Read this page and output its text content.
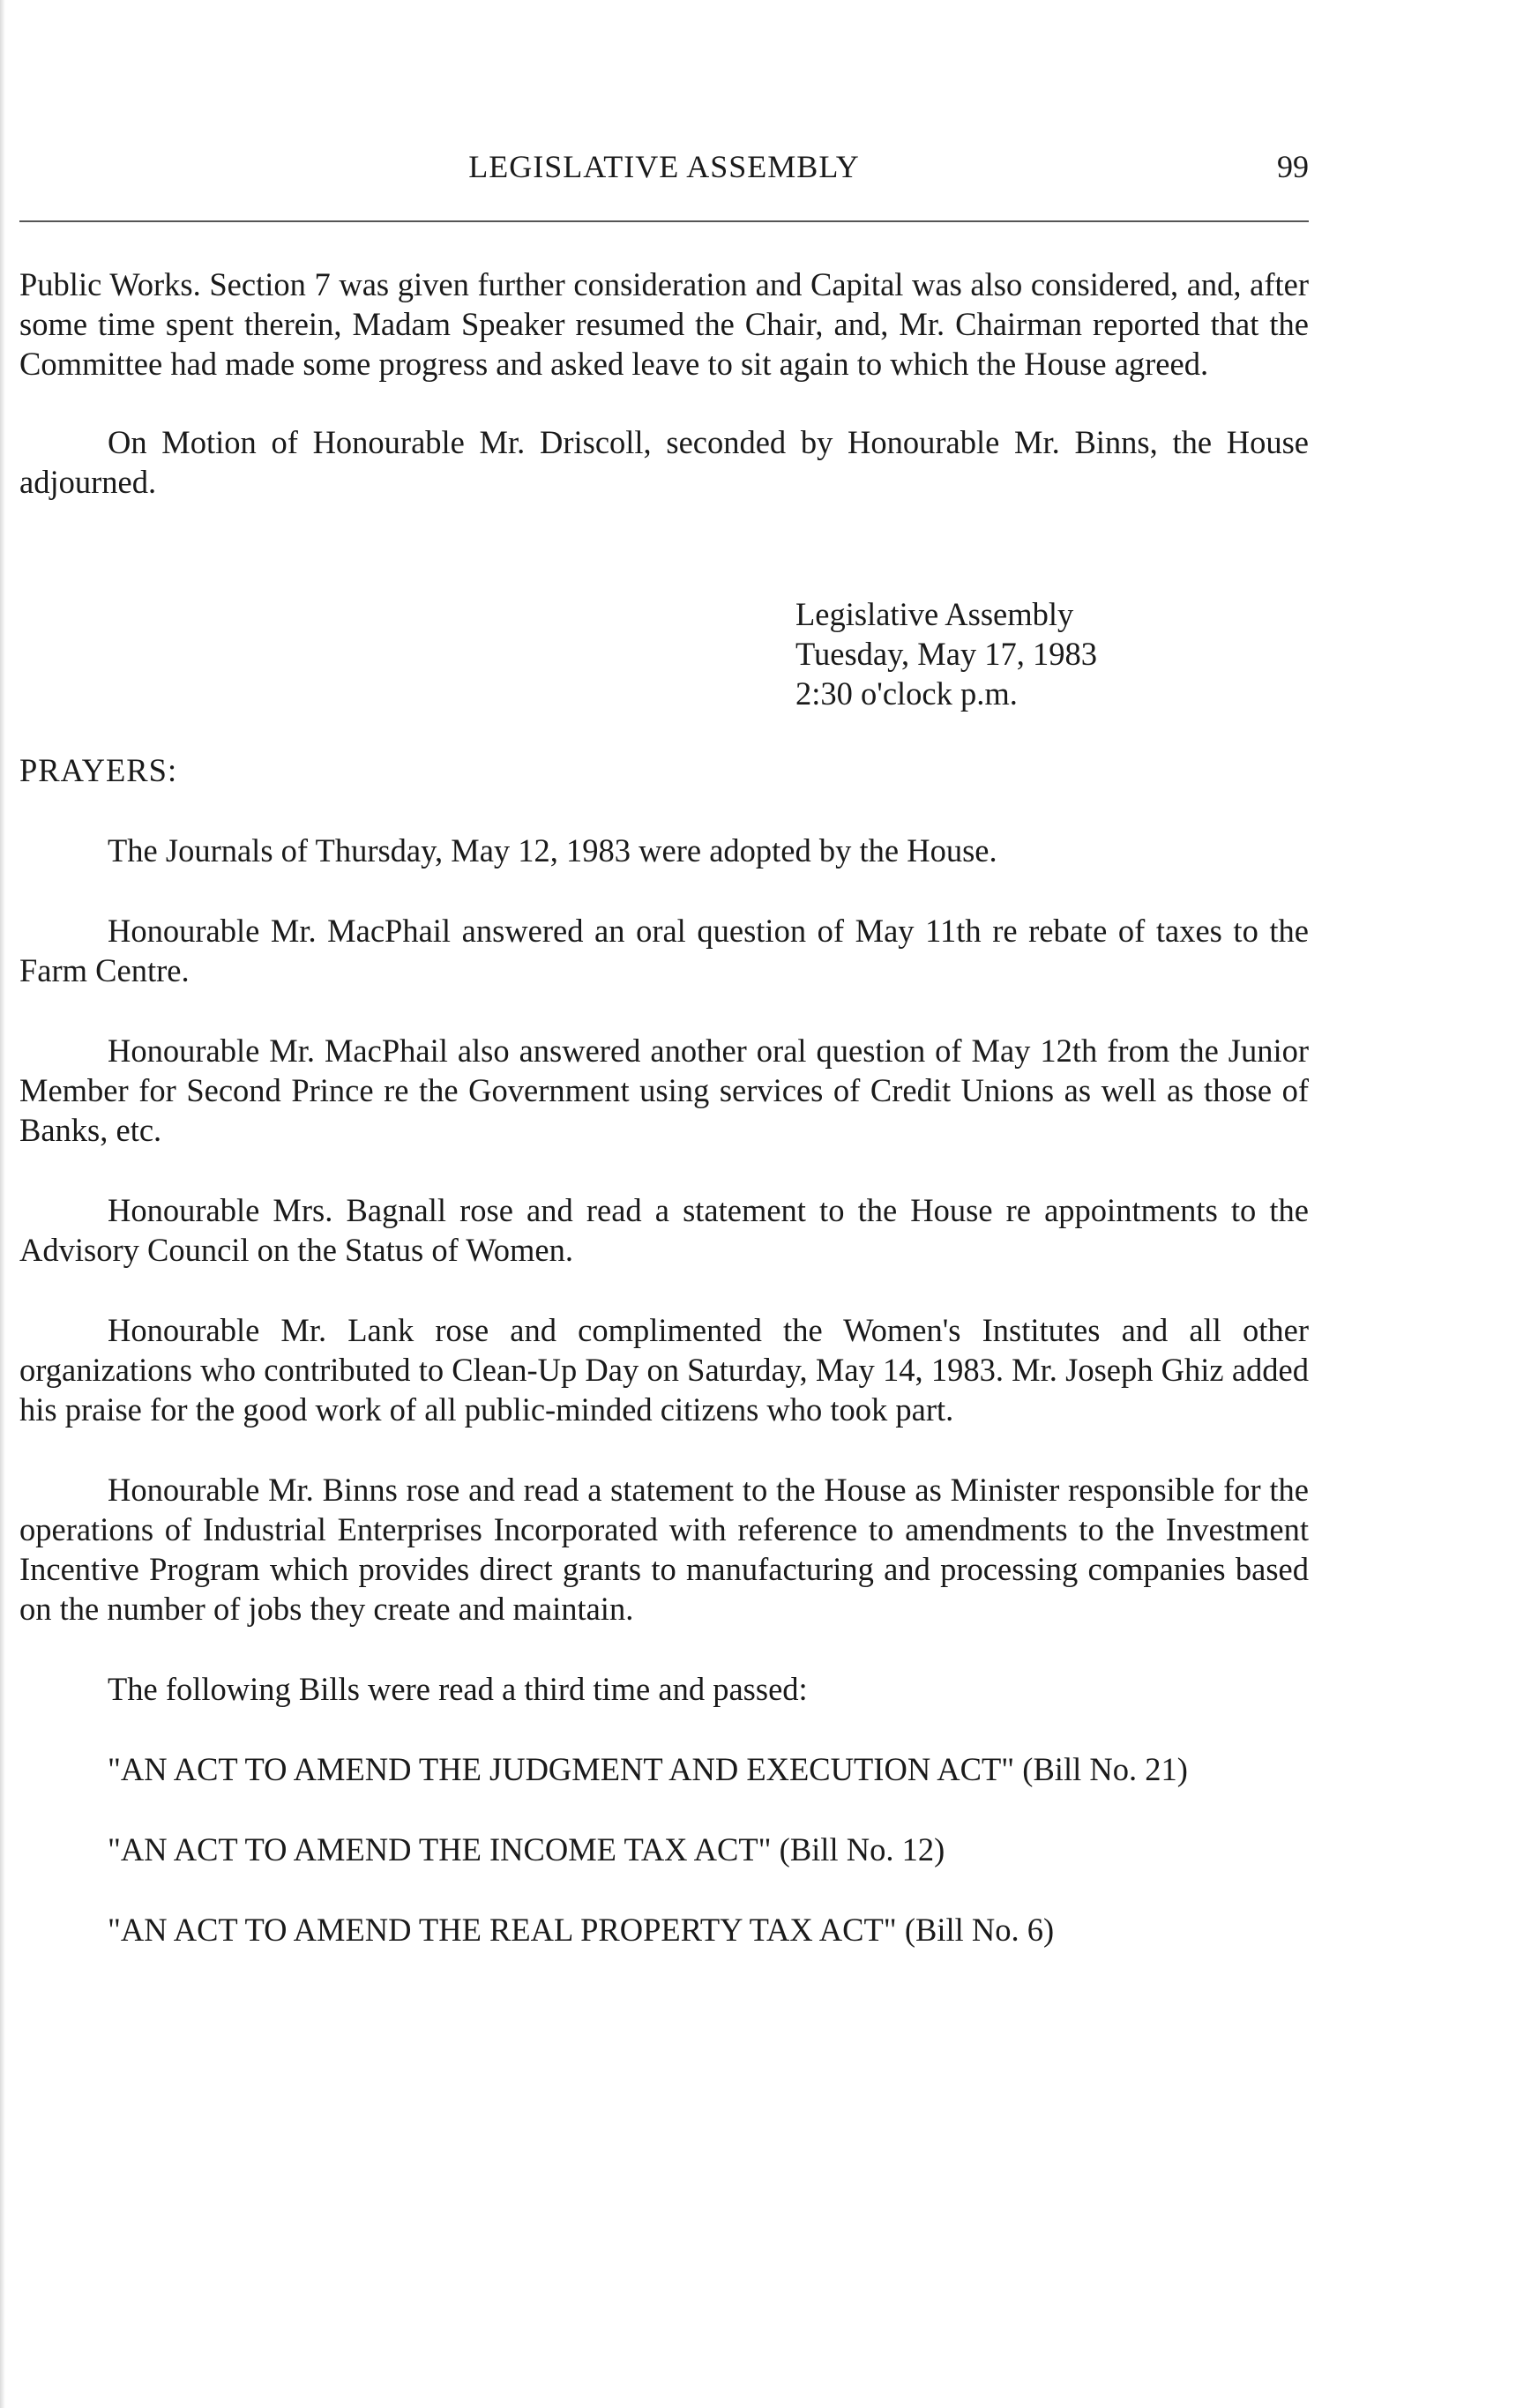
LEGISLATIVE ASSEMBLY	99

Public Works. Section 7 was given further consideration and Capital was also considered, and, after some time spent therein, Madam Speaker resumed the Chair, and, Mr. Chairman reported that the Committee had made some progress and asked leave to sit again to which the House agreed.

On Motion of Honourable Mr. Driscoll, seconded by Honourable Mr. Binns, the House adjourned.

Legislative Assembly
Tuesday, May 17, 1983
2:30 o'clock p.m.

PRAYERS:

The Journals of Thursday, May 12, 1983 were adopted by the House.

Honourable Mr. MacPhail answered an oral question of May 11th re rebate of taxes to the Farm Centre.

Honourable Mr. MacPhail also answered another oral question of May 12th from the Junior Member for Second Prince re the Government using services of Credit Unions as well as those of Banks, etc.

Honourable Mrs. Bagnall rose and read a statement to the House re appointments to the Advisory Council on the Status of Women.

Honourable Mr. Lank rose and complimented the Women's Institutes and all other organizations who contributed to Clean-Up Day on Saturday, May 14, 1983. Mr. Joseph Ghiz added his praise for the good work of all public-minded citizens who took part.

Honourable Mr. Binns rose and read a statement to the House as Minister responsible for the operations of Industrial Enterprises Incorporated with reference to amendments to the Investment Incentive Program which provides direct grants to manufacturing and processing companies based on the number of jobs they create and maintain.

The following Bills were read a third time and passed:

"AN ACT TO AMEND THE JUDGMENT AND EXECUTION ACT" (Bill No. 21)

"AN ACT TO AMEND THE INCOME TAX ACT" (Bill No. 12)

"AN ACT TO AMEND THE REAL PROPERTY TAX ACT" (Bill No. 6)
